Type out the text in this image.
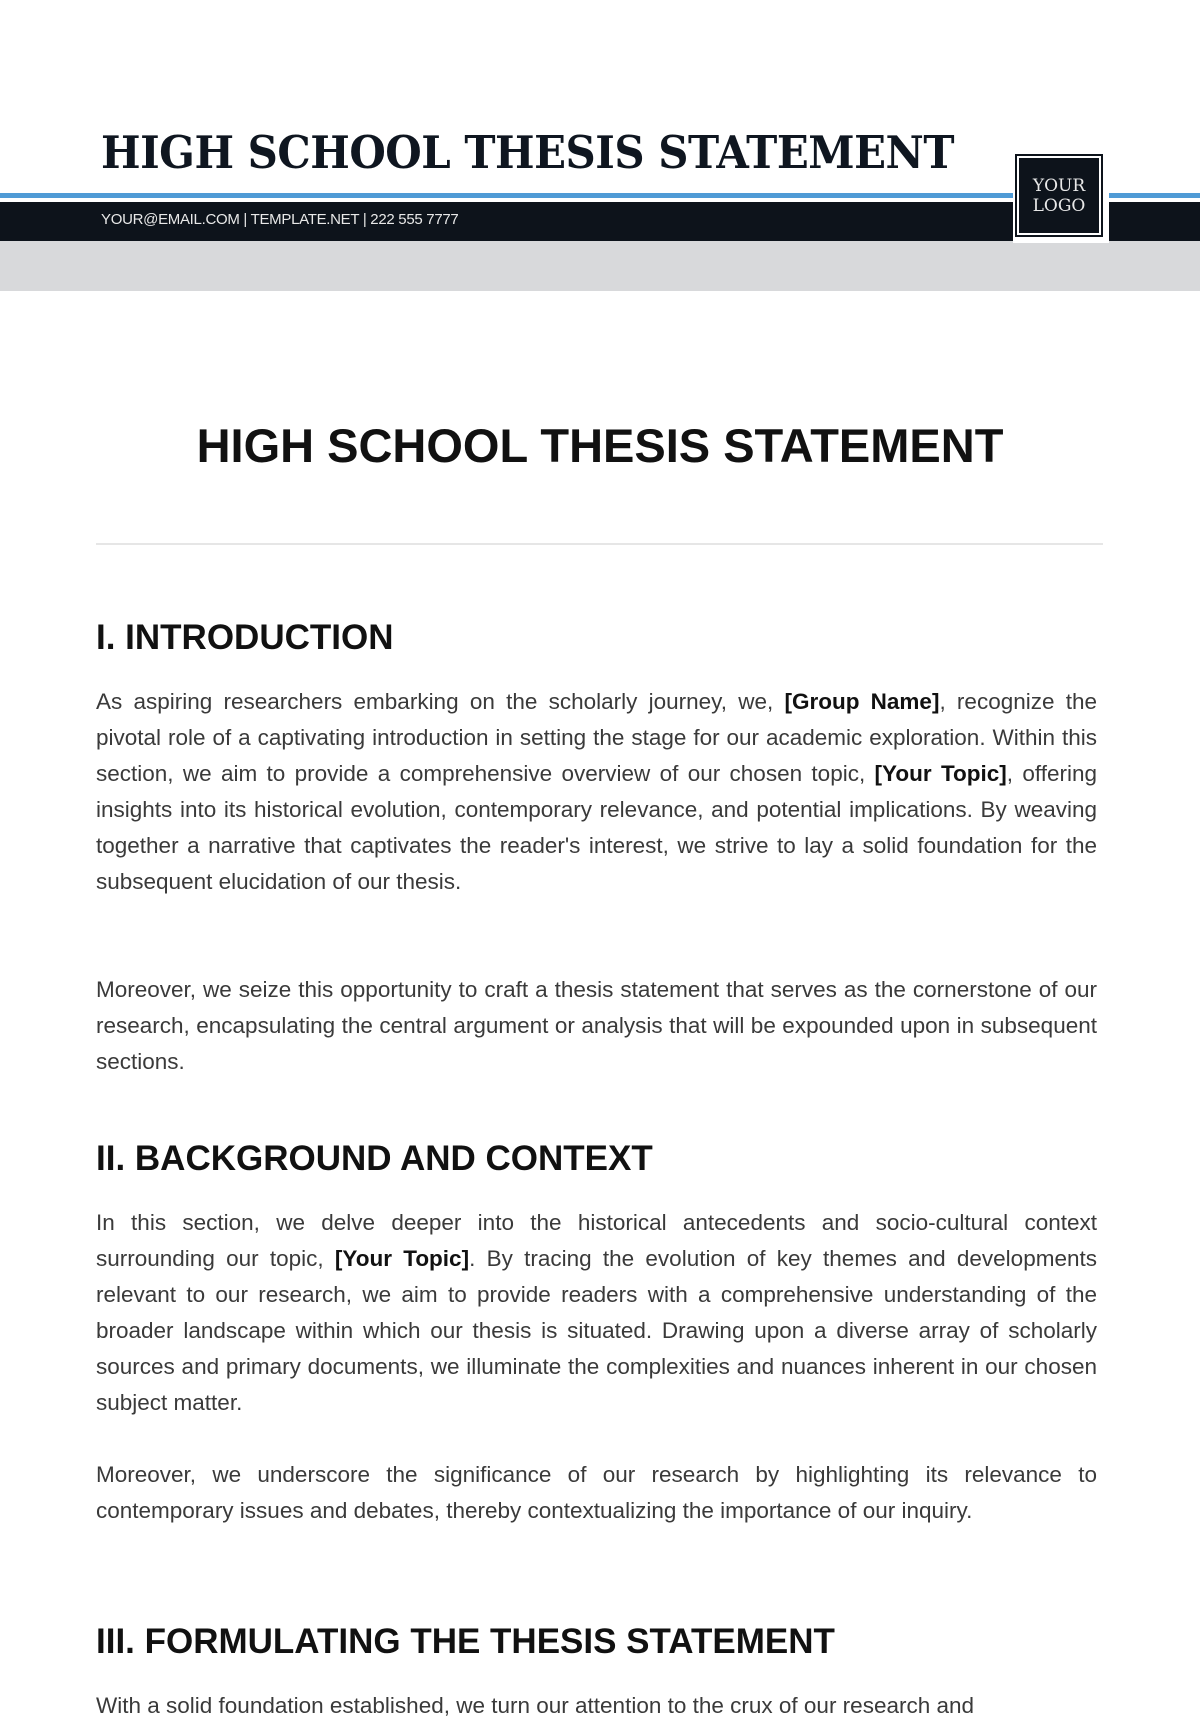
HIGH SCHOOL THESIS STATEMENT
YOUR@EMAIL.COM | TEMPLATE.NET | 222 555 7777
YOUR
LOGO
HIGH SCHOOL THESIS STATEMENT
I. INTRODUCTION
As aspiring researchers embarking on the scholarly journey, we, [Group Name], recognize the pivotal role of a captivating introduction in setting the stage for our academic exploration. Within this section, we aim to provide a comprehensive overview of our chosen topic, [Your Topic], offering insights into its historical evolution, contemporary relevance, and potential implications. By weaving together a narrative that captivates the reader's interest, we strive to lay a solid foundation for the subsequent elucidation of our thesis.
Moreover, we seize this opportunity to craft a thesis statement that serves as the cornerstone of our research, encapsulating the central argument or analysis that will be expounded upon in subsequent sections.
II. BACKGROUND AND CONTEXT
In this section, we delve deeper into the historical antecedents and socio-cultural context surrounding our topic, [Your Topic]. By tracing the evolution of key themes and developments relevant to our research, we aim to provide readers with a comprehensive understanding of the broader landscape within which our thesis is situated. Drawing upon a diverse array of scholarly sources and primary documents, we illuminate the complexities and nuances inherent in our chosen subject matter.
Moreover, we underscore the significance of our research by highlighting its relevance to contemporary issues and debates, thereby contextualizing the importance of our inquiry.
III. FORMULATING THE THESIS STATEMENT
With a solid foundation established, we turn our attention to the crux of our research and
